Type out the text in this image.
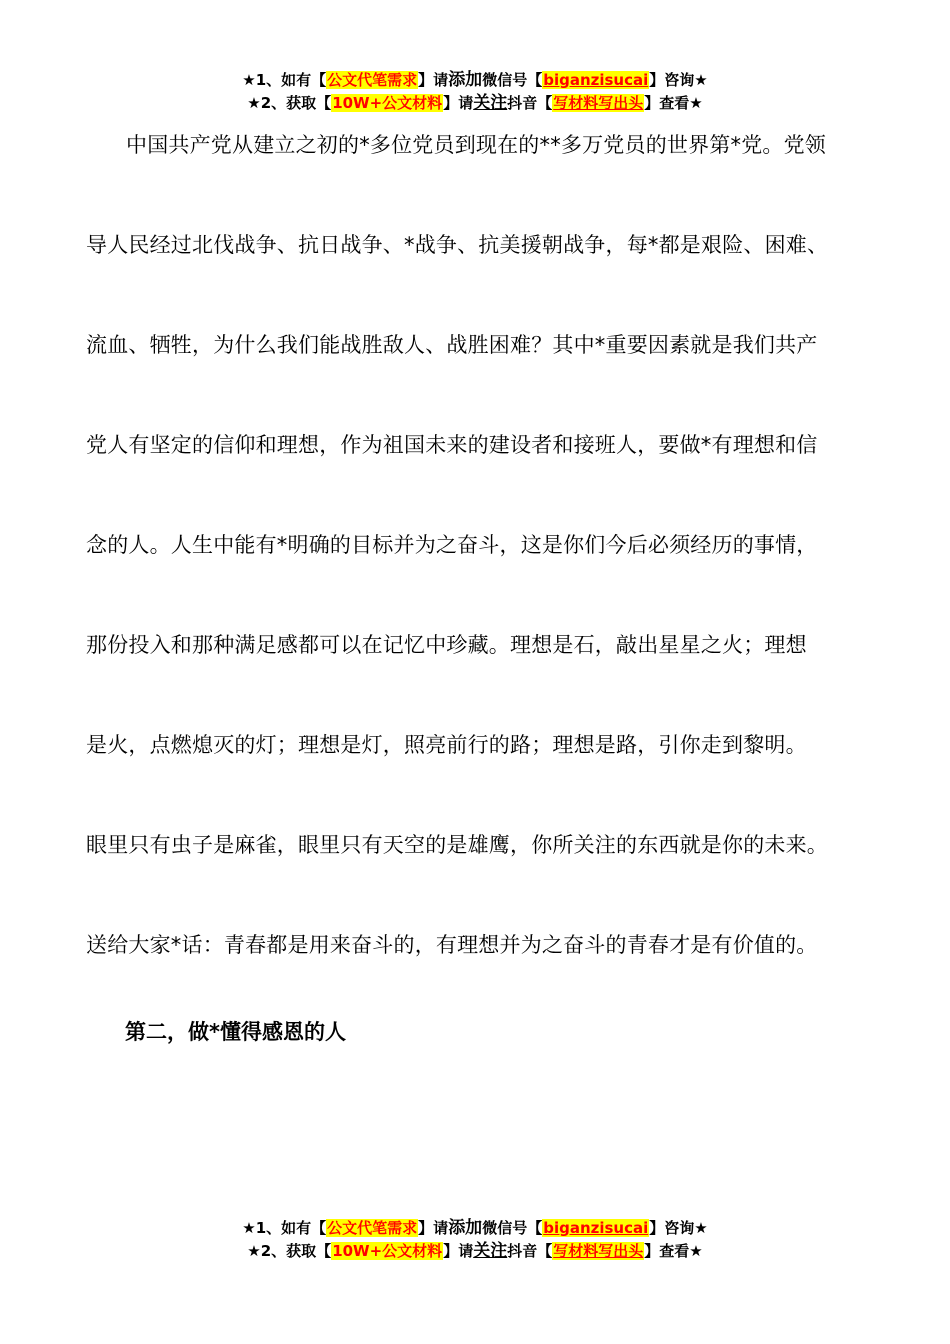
★1、如有【公文代笔需求】请添加微信号【biganzisucai】咨询★
★2、获取【10W+公文材料】请关注抖音【写材料写出头】查看★
中国共产党从建立之初的*多位党员到现在的**多万党员的世界第*党。党领
导人民经过北伐战争、抗日战争、*战争、抗美援朝战争，每*都是艰险、困难、
流血、牺牲，为什么我们能战胜敌人、战胜困难？其中*重要因素就是我们共产
党人有坚定的信仰和理想，作为祖国未来的建设者和接班人，要做*有理想和信
念的人。人生中能有*明确的目标并为之奋斗，这是你们今后必须经历的事情，
那份投入和那种满足感都可以在记忆中珍藏。理想是石，敲出星星之火；理想
是火，点燃熄灭的灯；理想是灯，照亮前行的路；理想是路，引你走到黎明。
眼里只有虫子是麻雀，眼里只有天空的是雄鹰，你所关注的东西就是你的未来。
送给大家*话：青春都是用来奋斗的，有理想并为之奋斗的青春才是有价值的。
第二，做*懂得感恩的人
★1、如有【公文代笔需求】请添加微信号【biganzisucai】咨询★
★2、获取【10W+公文材料】请关注抖音【写材料写出头】查看★
